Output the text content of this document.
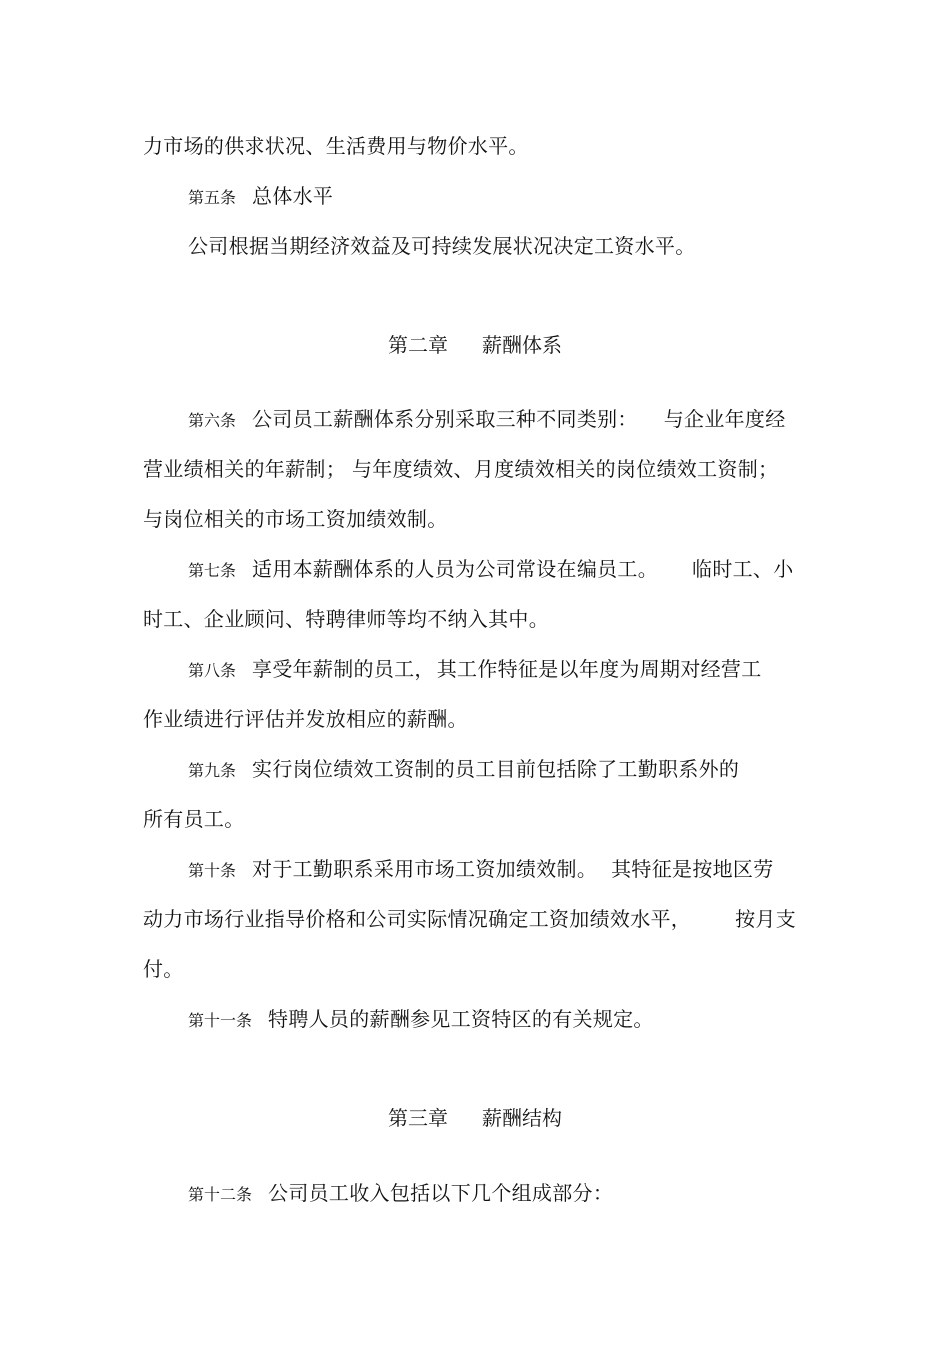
力市场的供求状况、生活费用与物价水平。
第五条 总体水平
公司根据当期经济效益及可持续发展状况决定工资水平。
第二章 薪酬体系
第六条 公司员工薪酬体系分别采取三种不同类别： 与企业年度经
营业绩相关的年薪制； 与年度绩效、月度绩效相关的岗位绩效工资制；
与岗位相关的市场工资加绩效制。
第七条 适用本薪酬体系的人员为公司常设在编员工。 临时工、小
时工、企业顾问、特聘律师等均不纳入其中。
第八条 享受年薪制的员工， 其工作特征是以年度为周期对经营工
作业绩进行评估并发放相应的薪酬。
第九条 实行岗位绩效工资制的员工目前包括除了工勤职系外的
所有员工。
第十条 对于工勤职系采用市场工资加绩效制。 其特征是按地区劳
动力市场行业指导价格和公司实际情况确定工资加绩效水平， 按月支
付。
第十一条 特聘人员的薪酬参见工资特区的有关规定。
第三章 薪酬结构
第十二条 公司员工收入包括以下几个组成部分：
